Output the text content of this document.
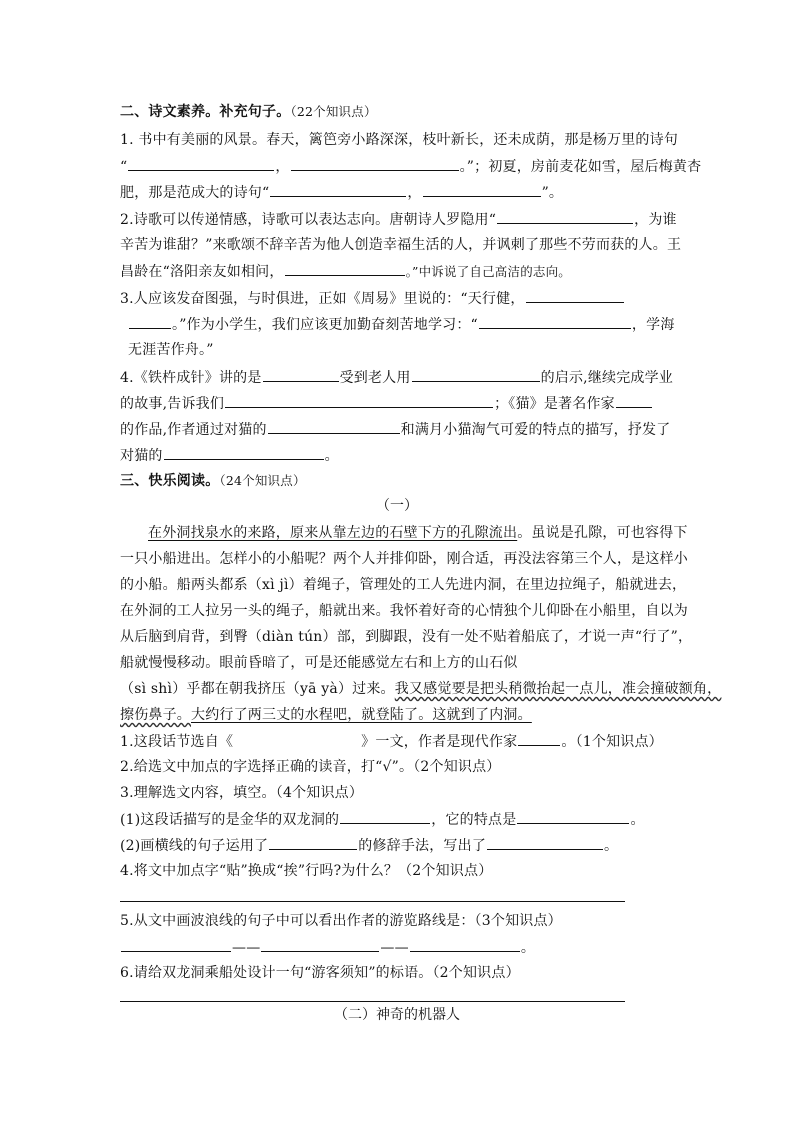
二、诗文素养。补充句子。（22个知识点）
1. 书中有美丽的风景。春天，篱笆旁小路深深，枝叶新长，还未成荫，那是杨万里的诗句
“	，	。”；初夏，房前麦花如雪，屋后梅黄杏
肥，那是范成大的诗句“	，	”。
2.诗歌可以传递情感，诗歌可以表达志向。唐朝诗人罗隐用“	，为谁
辛苦为谁甜？”来歌颂不辞辛苦为他人创造幸福生活的人，并讽刺了那些不劳而获的人。王
昌龄在“洛阳亲友如相问，	。”中诉说了自己高洁的志向。
3.人应该发奋图强，与时俱进，正如《周易》里说的：“天行健，
。”作为小学生，我们应该更加勤奋刻苦地学习：“	，学海
无涯苦作舟。”
4.《铁杵成针》讲的是	受到老人用	的启示,继续完成学业
的故事,告诉我们	；《猫》是著名作家
的作品,作者通过对猫的	和满月小猫淘气可爱的特点的描写，抒发了
对猫的	。
三、快乐阅读。（24个知识点）
（一）
在外洞找泉水的来路，原来从靠左边的石壁下方的孔隙流出。虽说是孔隙，可也容得下
一只小船进出。怎样小的小船呢？两个人并排仰卧，刚合适，再没法容第三个人，是这样小
的小船。船两头都系（xì jì）着绳子，管理处的工人先进内洞，在里边拉绳子，船就进去，
在外洞的工人拉另一头的绳子，船就出来。我怀着好奇的心情独个儿仰卧在小船里，自以为
从后脑到肩背，到臀（diàn tún）部，到脚跟，没有一处不贴着船底了，才说一声“行了”，
船就慢慢移动。眼前昏暗了，可是还能感觉左右和上方的山石似
（sì shì）乎都在朝我挤压（yā yà）过来。我又感觉要是把头稍微抬起一点儿，准会撞破额角，
擦伤鼻子。大约行了两三丈的水程吧，就登陆了。这就到了内洞。
1.这段话节选自《	》一文，作者是现代作家	。（1个知识点）
2.给选文中加点的字选择正确的读音，打“√”。（2个知识点）
3.理解选文内容，填空。（4个知识点）
(1)这段话描写的是金华的双龙洞的	，它的特点是	。
(2)画横线的句子运用了	的修辞手法，写出了	。
4.将文中加点字“贴”换成“挨”行吗?为什么？（2个知识点）
5.从文中画波浪线的句子中可以看出作者的游览路线是：（3个知识点）
——	——	。
6.请给双龙洞乘船处设计一句“游客须知”的标语。（2个知识点）
（二）神奇的机器人
